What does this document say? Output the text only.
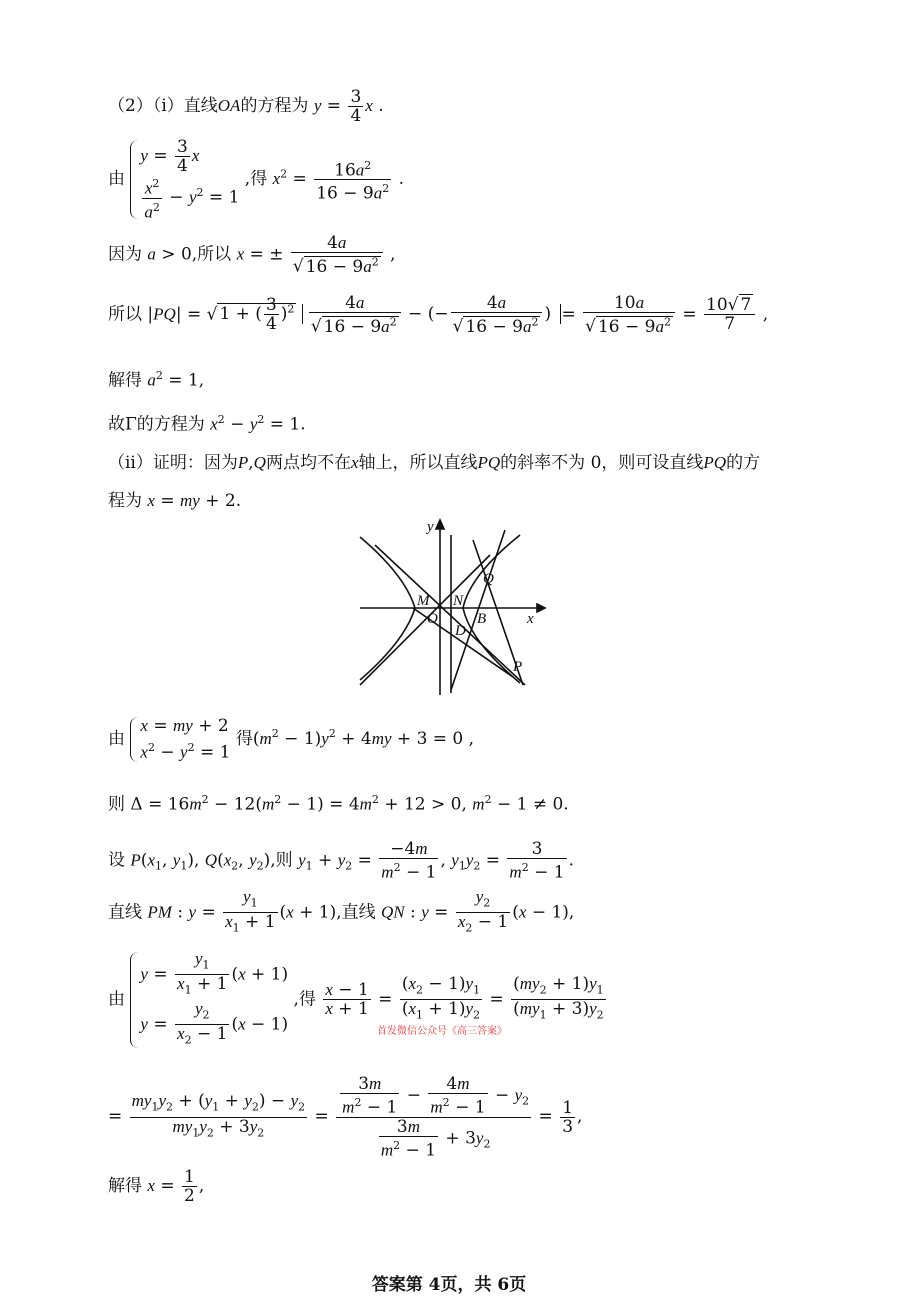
（2）（i）直线OA的方程为 $y = \frac{3}{4}$ x .
由
$y = \frac{3}{4}$ x
$\frac{x^2}{a^2} - y^2 = 1$
,得 $x^2 = \frac{16a^2}{16 - 9a^2}$ .
因为 a > 0,所以 x = ± $\frac{4a}{√ 16 - 9a^2}$ ,
所以 |PQ| = √ 1 + ( $\frac{3}{4} )^2 \frac{4a}{√ 16 - 9a^2}$ − (− $\frac{4a}{√ 16 - 9a^2}$ ) = $\frac{10a}{√ 16 - 9a^2} = \frac{10√ 7}{7}$ ,
解得 $a^2 = 1$,
故Γ的方程为 $x^2 - y^2 = 1$.
（ii）证明：因为P,Q两点均不在x轴上，所以直线PQ的斜率不为 0，则可设直线PQ的方
程为 x = my + 2.
x
y
M
O
N
D
B
Q
P
由
x = my + 2
$x^2 - y^2 = 1$
得$(m^2 - 1)y^2 + 4my + 3 = 0$ ,
则 $\Delta = 16m^2 - 12(m^2 - 1) = 4m^2 + 12 > 0$, $m^2 - 1 \ne 0$.
设 $P(x_1$, $y_1$), $Q(x_2$, $y_2$),则 $y_1 + y_2 = \frac{-4m}{m^2 - 1}$ , $y_1y_2 = \frac{3}{m^2 - 1}$ .
直线 PM : $y = \frac{y_1}{x_1 + 1} (x + 1)$,直线 QN : $y = \frac{y_2}{x_2 - 1} (x - 1)$,
由
$y = \frac{y_1}{x_1 + 1} (x + 1)$
$y = \frac{y_2}{x_2 - 1} (x - 1)$
,得 $\frac{x - 1}{x + 1} = \frac{(x_2 - 1)y_1}{(x_1 + 1)y_2} = \frac{(my_2 + 1)y_1}{(my_1 + 3)y_2}$
首发微信公众号《高三答案》
= $\frac{my_1y_2 + (y_1 + y_2) - y_2}{my_1y_2 + 3y_2} = \frac{\frac{3m}{m^2 - 1} - \frac{4m}{m^2 - 1} - y_2}{\frac{3m}{m^2 - 1} + 3y_2} = \frac{1}{3}$ ,
解得 $x = \frac{1}{2}$ ,
答案第 4页，共 6页
